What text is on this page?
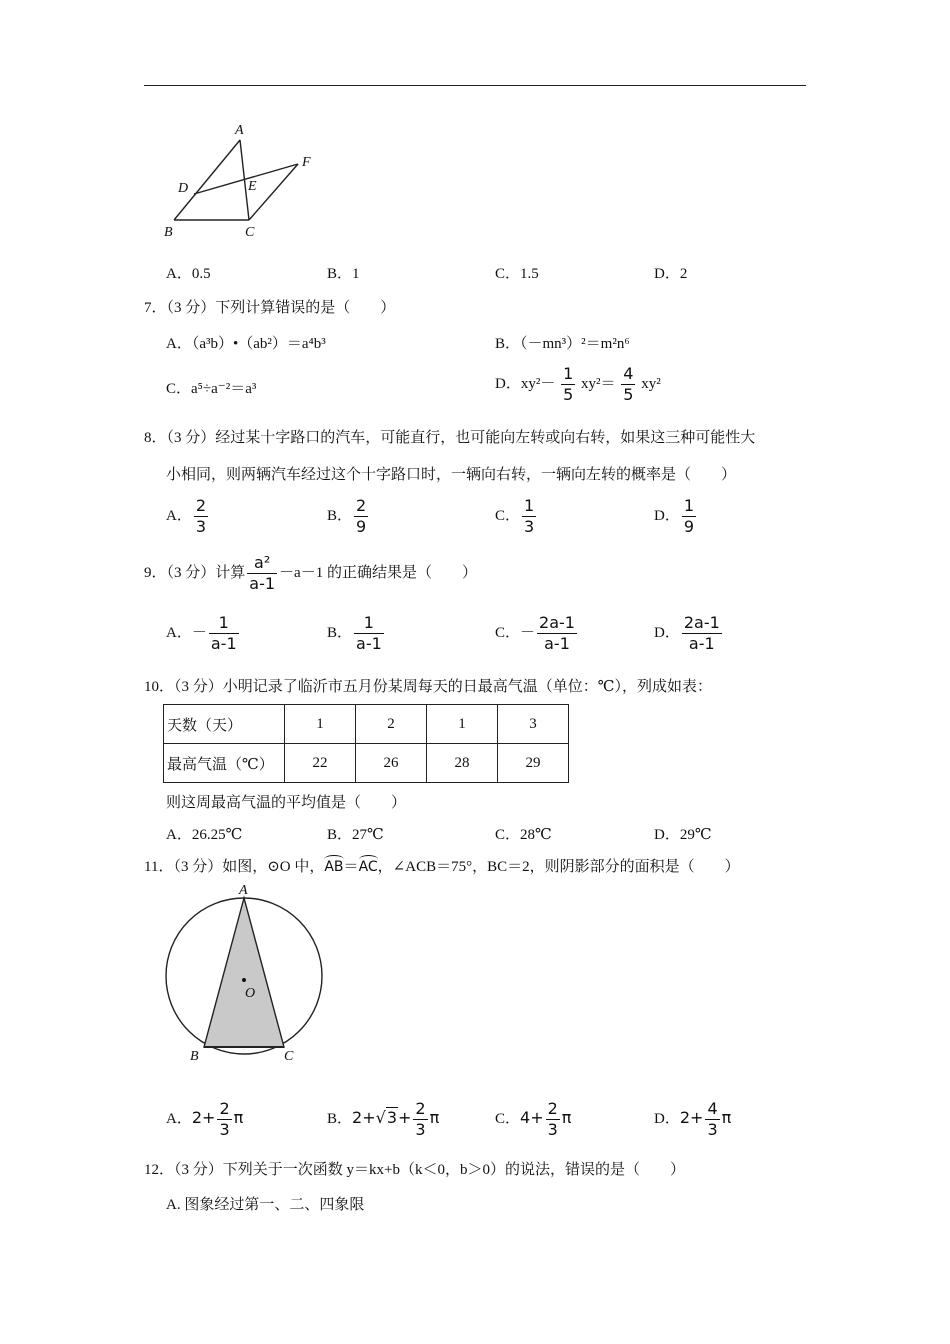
A
B	C
D	E
F
A．0.5	B．1	C．1.5	D．2
7．（3 分）下列计算错误的是（　　）
A．（a³b）•（ab²）＝a⁴b³	B．（－mn³）²＝m²n⁶
C．a⁵÷a⁻²＝a³	D．$xy^2- \frac{1}{5} xy^2= \frac{4}{5} xy^2$
8．（3 分）经过某十字路口的汽车，可能直行，也可能向左转或向右转，如果这三种可能性大
小相同，则两辆汽车经过这个十字路口时，一辆向右转，一辆向左转的概率是（　　）
A． $\frac{2}{3}$	B． $\frac{2}{9}$	C． $\frac{1}{3}$	D． $\frac{1}{9}$
9．（3 分）计算 $\frac{\text{a²}}{a-1} -a-1$ 的正确结果是（　　）
A．－ $\frac{1}{a-1}$	B． $\frac{1}{a-1}$	C．－ $\frac{2a-1}{a-1}$	D． $\frac{2a-1}{a-1}$
10．（3 分）小明记录了临沂市五月份某周每天的日最高气温（单位：℃），列成如表：
天数（天）	1	2	1	3
最高气温（℃）	22	26	28	29
则这周最高气温的平均值是（　　）
A．26.25℃	B．27℃	C．28℃	D．29℃
11．（3 分）如图，⊙O 中，AB＝AC，∠ACB＝75°，BC＝2，则阴影部分的面积是（　　）
A
O
B	C
A．$2+ \frac{2}{3}$ π	B．$2+√3+ \frac{2}{3}$ π	C．$4+ \frac{2}{3}$ π	D．$2+ \frac{4}{3}$ π
12．（3 分）下列关于一次函数 y＝kx+b（k＜0，b＞0）的说法，错误的是（　　）
A. 图象经过第一、二、四象限
